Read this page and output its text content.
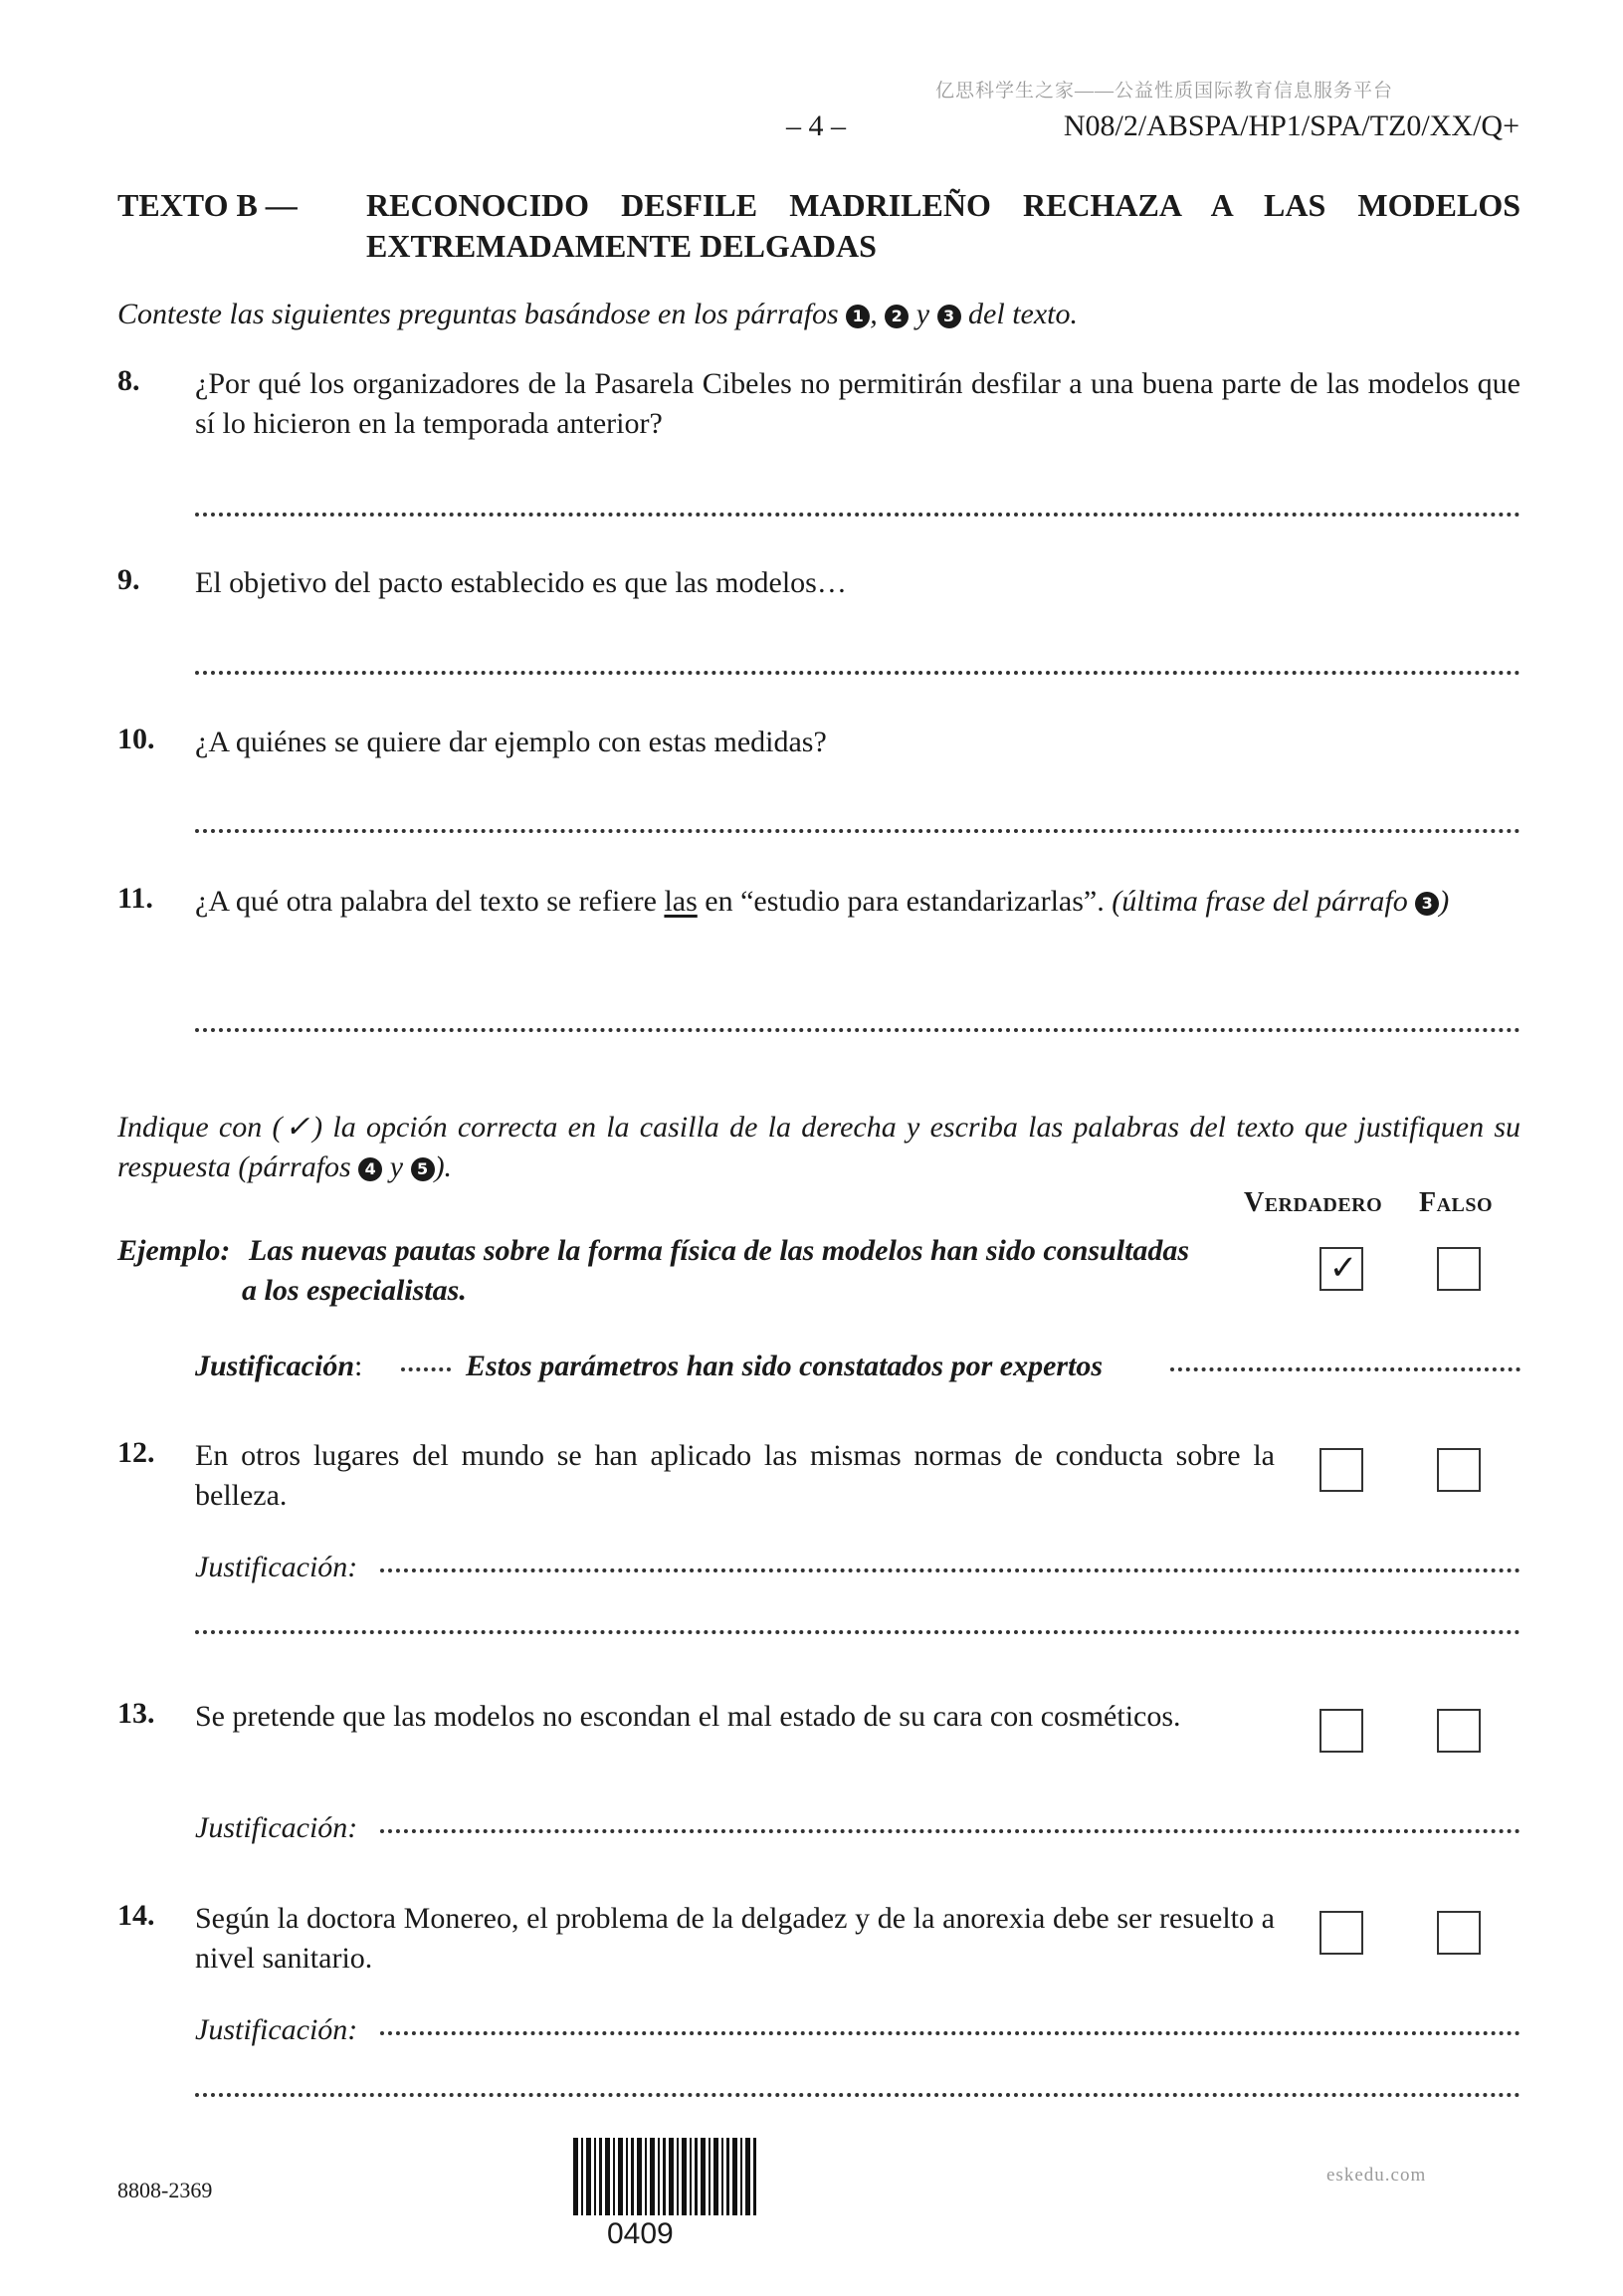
亿思科学生之家——公益性质国际教育信息服务平台
– 4 –	N08/2/ABSPA/HP1/SPA/TZ0/XX/Q+
TEXTO B — RECONOCIDO DESFILE MADRILEÑO RECHAZA A LAS MODELOS
EXTREMADAMENTE DELGADAS
Conteste las siguientes preguntas basándose en los párrafos 1 , 2 y 3 del texto.
8. ¿Por qué los organizadores de la Pasarela Cibeles no permitirán desfilar a una buena parte de las modelos que sí lo hicieron en la temporada anterior?
9. El objetivo del pacto establecido es que las modelos…
10. ¿A quiénes se quiere dar ejemplo con estas medidas?
11. ¿A qué otra palabra del texto se refiere las en “estudio para estandarizarlas”. (última frase del párrafo 3 )
Indique con (✓) la opción correcta en la casilla de la derecha y escriba las palabras del texto que justifiquen su respuesta (párrafos 4 y 5 ).
Verdadero Falso
Ejemplo: Las nuevas pautas sobre la forma física de las modelos han sido consultadas
a los especialistas.
✓
Justificación:	Estos parámetros han sido constatados por expertos
12. En otros lugares del mundo se han aplicado las mismas normas de conducta sobre la belleza.
Justificación:
13. Se pretende que las modelos no escondan el mal estado de su cara con cosméticos.
Justificación:
14. Según la doctora Monereo, el problema de la delgadez y de la anorexia debe ser resuelto a nivel sanitario.
Justificación:
8808-2369
eskedu.com
0409
